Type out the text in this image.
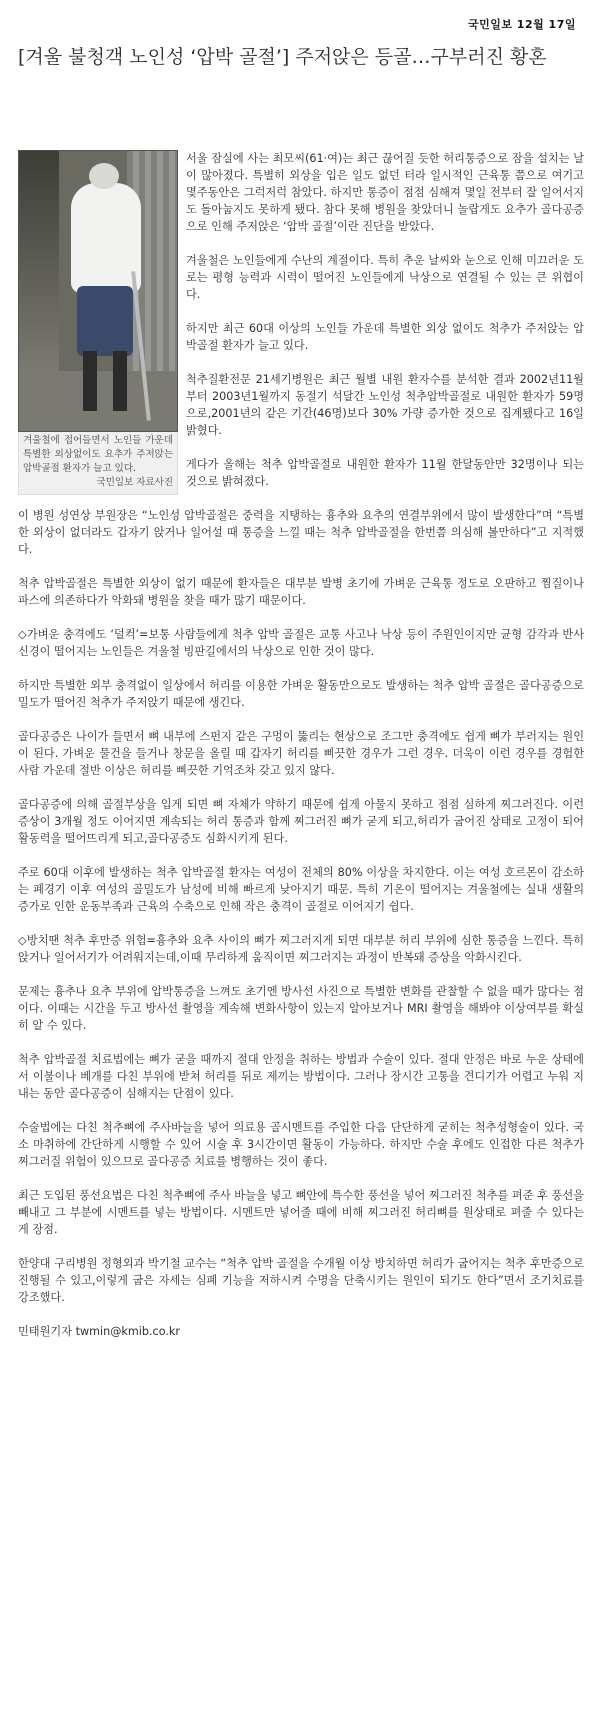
국민일보 12월 17일
[겨울 불청객 노인성 ‘압박 골절’] 주저앉은 등골…구부러진 황혼
겨울철에 접어들면서 노인들 가운데 특별한 외상없이도 요추가 주저앉는 압박골절 환자가 늘고 있다.
국민일보 자료사진

서울 잠실에 사는 최모씨(61·여)는 최근 끊어질 듯한 허리통증으로 잠을 설치는 날이 많아졌다. 특별히 외상을 입은 일도 없던 터라 일시적인 근육통 쯤으로 여기고 몇주동안은 그럭저럭 참았다. 하지만 통증이 점점 심해져 몇일 전부터 잘 일어서지도 돌아눕지도 못하게 됐다. 참다 못해 병원을 찾았더니 놀랍게도 요추가 골다공증으로 인해 주저앉은 ‘압박 골절’이란 진단을 받았다.

겨울철은 노인들에게 수난의 계절이다. 특히 추운 날씨와 눈으로 인해 미끄러운 도로는 평형 능력과 시력이 떨어진 노인들에게 낙상으로 연결될 수 있는 큰 위협이다.

하지만 최근 60대 이상의 노인들 가운데 특별한 외상 없이도 척추가 주저앉는 압박골절 환자가 늘고 있다.

척추질환전문 21세기병원은 최근 월별 내원 환자수를 분석한 결과 2002년11월부터 2003년1월까지 동절기 석달간 노인성 척추압박골절로 내원한 환자가 59명으로,2001년의 같은 기간(46명)보다 30% 가량 증가한 것으로 집계됐다고 16일 밝혔다.

게다가 올해는 척추 압박골절로 내원한 환자가 11월 한달동안만 32명이나 되는 것으로 밝혀졌다.

이 병원 성연상 부원장은 “노인성 압박골절은 중력을 지탱하는 흉추와 요추의 연결부위에서 많이 발생한다”며 “특별한 외상이 없더라도 갑자기 앉거나 일어설 때 통증을 느낄 때는 척추 압박골절을 한번쯤 의심해 볼만하다”고 지적했다.

척추 압박골절은 특별한 외상이 없기 때문에 환자들은 대부분 발병 초기에 가벼운 근육통 정도로 오판하고 찜질이나 파스에 의존하다가 악화돼 병원을 찾을 때가 많기 때문이다.

◇가벼운 충격에도 ‘덜컥’=보통 사람들에게 척추 압박 골절은 교통 사고나 낙상 등이 주원인이지만 균형 감각과 반사 신경이 떨어지는 노인들은 겨울철 빙판길에서의 낙상으로 인한 것이 많다.

하지만 특별한 외부 충격없이 일상에서 허리를 이용한 가벼운 활동만으로도 발생하는 척추 압박 골절은 골다공증으로 밀도가 떨어진 척추가 주저앉기 때문에 생긴다.

골다공증은 나이가 들면서 뼈 내부에 스펀지 같은 구멍이 뚫리는 현상으로 조그만 충격에도 쉽게 뼈가 부러지는 원인이 된다. 가벼운 물건을 들거나 창문을 올릴 때 갑자기 허리를 삐끗한 경우가 그런 경우. 더욱이 이런 경우를 경험한 사람 가운데 절반 이상은 허리를 삐끗한 기억조차 갖고 있지 않다.

골다공증에 의해 골절부상을 입게 되면 뼈 자체가 약하기 때문에 쉽게 아물지 못하고 점점 심하게 찌그러진다. 이런 증상이 3개월 정도 이어지면 계속되는 허리 통증과 함께 찌그러진 뼈가 굳게 되고,허리가 굽어진 상태로 고정이 되어 활동력을 떨어뜨리게 되고,골다공증도 심화시키게 된다.

주로 60대 이후에 발생하는 척추 압박골절 환자는 여성이 전체의 80% 이상을 차지한다. 이는 여성 호르몬이 감소하는 폐경기 이후 여성의 골밀도가 남성에 비해 빠르게 낮아지기 때문. 특히 기온이 떨어지는 겨울철에는 실내 생활의 증가로 인한 운동부족과 근육의 수축으로 인해 작은 충격이 골절로 이어지기 쉽다.

◇방치땐 척추 후만증 위험=흉추와 요추 사이의 뼈가 찌그러지게 되면 대부분 허리 부위에 심한 통증을 느낀다. 특히 앉거나 일어서기가 어려워지는데,이때 무리하게 움직이면 찌그러지는 과정이 반복돼 증상을 악화시킨다.

문제는 흉추나 요추 부위에 압박통증을 느껴도 초기엔 방사선 사진으로 특별한 변화를 관찰할 수 없을 때가 많다는 점이다. 이때는 시간을 두고 방사선 촬영을 계속해 변화사항이 있는지 알아보거나 MRI 촬영을 해봐야 이상여부를 확실히 알 수 있다.

척추 압박골절 치료법에는 뼈가 굳을 때까지 절대 안정을 취하는 방법과 수술이 있다. 절대 안정은 바로 누운 상태에서 이불이나 베개를 다친 부위에 받쳐 허리를 뒤로 제끼는 방법이다. 그러나 장시간 고통을 견디기가 어렵고 누워 지내는 동안 골다공증이 심해지는 단점이 있다.

수술법에는 다친 척추뼈에 주사바늘을 넣어 의료용 골시멘트를 주입한 다음 단단하게 굳히는 척추성형술이 있다. 국소 마취하에 간단하게 시행할 수 있어 시술 후 3시간이면 활동이 가능하다. 하지만 수술 후에도 인접한 다른 척추가 찌그러질 위험이 있으므로 골다공증 치료를 병행하는 것이 좋다.

최근 도입된 풍선요법은 다친 척추뼈에 주사 바늘을 넣고 뼈안에 특수한 풍선을 넣어 찌그러진 척추를 펴준 후 풍선을 빼내고 그 부분에 시멘트를 넣는 방법이다. 시멘트만 넣어줄 때에 비해 찌그러진 허리뼈를 원상태로 펴줄 수 있다는 게 장점.

한양대 구리병원 정형외과 박기철 교수는 “척추 압박 골절을 수개월 이상 방치하면 허리가 굽어지는 척추 후만증으로 진행될 수 있고,이렇게 굽은 자세는 심폐 기능을 저하시켜 수명을 단축시키는 원인이 되기도 한다”면서 조기치료를 강조했다.

민태원기자 twmin@kmib.co.kr
